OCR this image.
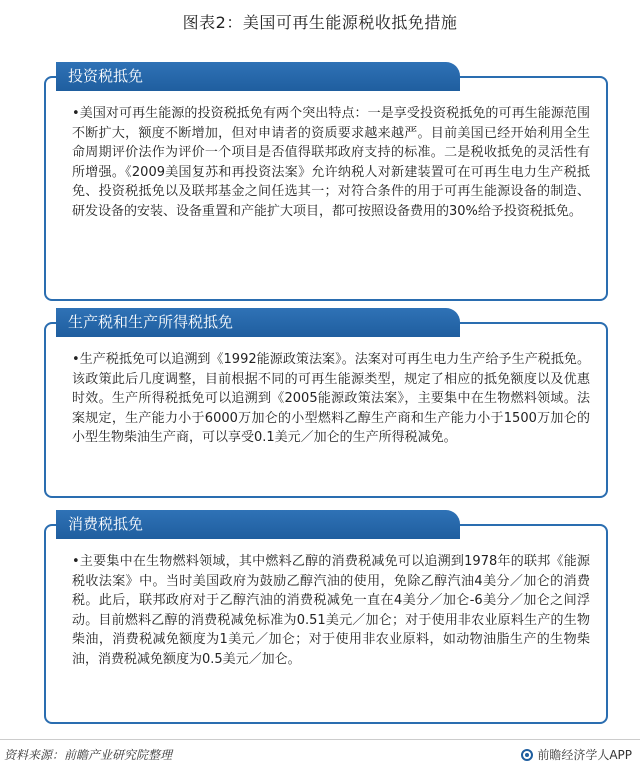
图表2：美国可再生能源税收抵免措施
投资税抵免
•美国对可再生能源的投资税抵免有两个突出特点：一是享受投资税抵免的可再生能源范围不断扩大，额度不断增加，但对申请者的资质要求越来越严。目前美国已经开始利用全生命周期评价法作为评价一个项目是否值得联邦政府支持的标准。二是税收抵免的灵活性有所增强。《2009美国复苏和再投资法案》允许纳税人对新建装置可在可再生电力生产税抵免、投资税抵免以及联邦基金之间任选其一；对符合条件的用于可再生能源设备的制造、研发设备的安装、设备重置和产能扩大项目，都可按照设备费用的30%给予投资税抵免。
生产税和生产所得税抵免
•生产税抵免可以追溯到《1992能源政策法案》。法案对可再生电力生产给予生产税抵免。该政策此后几度调整，目前根据不同的可再生能源类型，规定了相应的抵免额度以及优惠时效。生产所得税抵免可以追溯到《2005能源政策法案》，主要集中在生物燃料领域。法案规定，生产能力小于6000万加仑的小型燃料乙醇生产商和生产能力小于1500万加仑的小型生物柴油生产商，可以享受0.1美元／加仑的生产所得税减免。
消费税抵免
•主要集中在生物燃料领域，其中燃料乙醇的消费税减免可以追溯到1978年的联邦《能源税收法案》中。当时美国政府为鼓励乙醇汽油的使用，免除乙醇汽油4美分／加仑的消费税。此后，联邦政府对于乙醇汽油的消费税减免一直在4美分／加仑-6美分／加仑之间浮动。目前燃料乙醇的消费税减免标准为0.51美元／加仑；对于使用非农业原料生产的生物柴油，消费税减免额度为1美元／加仑；对于使用非农业原料，如动物油脂生产的生物柴油，消费税减免额度为0.5美元／加仑。
资料来源：前瞻产业研究院整理	前瞻经济学人APP
